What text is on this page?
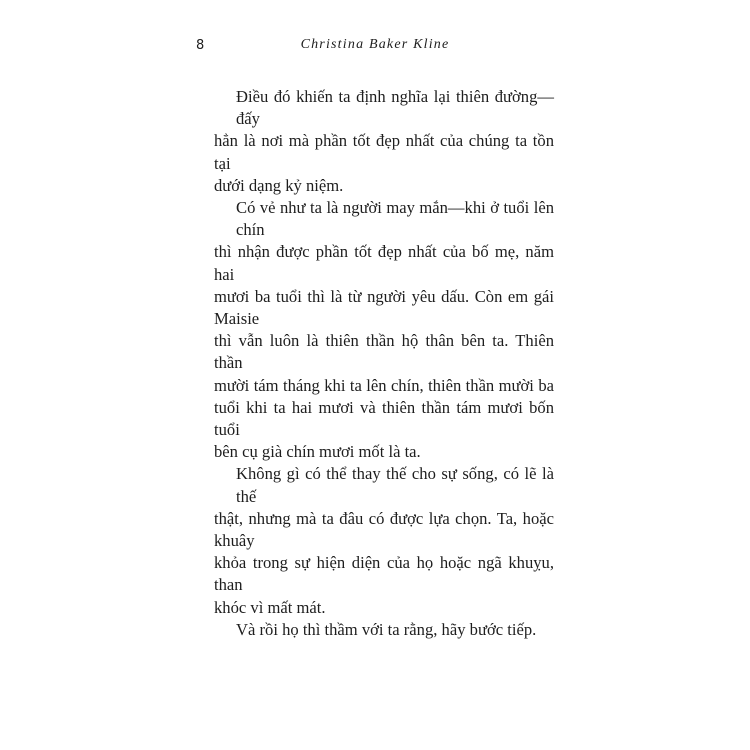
8	Christina Baker Kline
Điều đó khiến ta định nghĩa lại thiên đường—đấy
hẳn là nơi mà phần tốt đẹp nhất của chúng ta tồn tại
dưới dạng kỷ niệm.
Có vẻ như ta là người may mắn—khi ở tuổi lên chín
thì nhận được phần tốt đẹp nhất của bố mẹ, năm hai
mươi ba tuổi thì là từ người yêu dấu. Còn em gái Maisie
thì vẫn luôn là thiên thần hộ thân bên ta. Thiên thần
mười tám tháng khi ta lên chín, thiên thần mười ba
tuổi khi ta hai mươi và thiên thần tám mươi bốn tuổi
bên cụ già chín mươi mốt là ta.
Không gì có thể thay thế cho sự sống, có lẽ là thế
thật, nhưng mà ta đâu có được lựa chọn. Ta, hoặc khuây
khỏa trong sự hiện diện của họ hoặc ngã khuỵu, than
khóc vì mất mát.
Và rồi họ thì thầm với ta rằng, hãy bước tiếp.
